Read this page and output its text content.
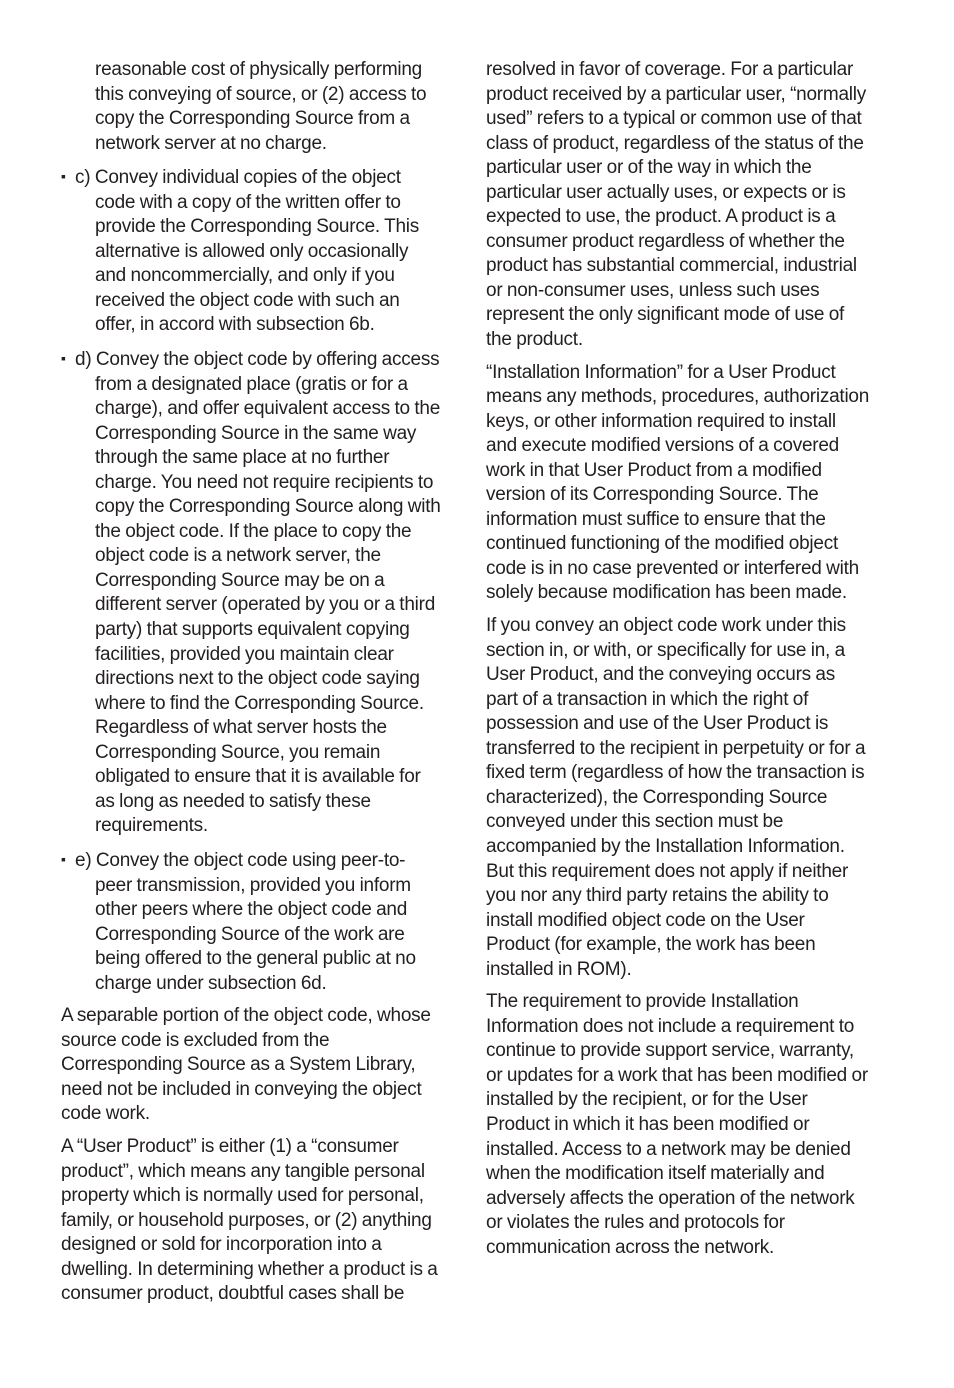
reasonable cost of physically performing this conveying of source, or (2) access to copy the Corresponding Source from a network server at no charge.

▪ c) Convey individual copies of the object code with a copy of the written offer to provide the Corresponding Source. This alternative is allowed only occasionally and noncommercially, and only if you received the object code with such an offer, in accord with subsection 6b.

▪ d) Convey the object code by offering access from a designated place (gratis or for a charge), and offer equivalent access to the Corresponding Source in the same way through the same place at no further charge. You need not require recipients to copy the Corresponding Source along with the object code. If the place to copy the object code is a network server, the Corresponding Source may be on a different server (operated by you or a third party) that supports equivalent copying facilities, provided you maintain clear directions next to the object code saying where to find the Corresponding Source. Regardless of what server hosts the Corresponding Source, you remain obligated to ensure that it is available for as long as needed to satisfy these requirements.

▪ e) Convey the object code using peer-to-peer transmission, provided you inform other peers where the object code and Corresponding Source of the work are being offered to the general public at no charge under subsection 6d.

A separable portion of the object code, whose source code is excluded from the Corresponding Source as a System Library, need not be included in conveying the object code work.

A “User Product” is either (1) a “consumer product”, which means any tangible personal property which is normally used for personal, family, or household purposes, or (2) anything designed or sold for incorporation into a dwelling. In determining whether a product is a consumer product, doubtful cases shall be

resolved in favor of coverage. For a particular product received by a particular user, “normally used” refers to a typical or common use of that class of product, regardless of the status of the particular user or of the way in which the particular user actually uses, or expects or is expected to use, the product. A product is a consumer product regardless of whether the product has substantial commercial, industrial or non-consumer uses, unless such uses represent the only significant mode of use of the product.

“Installation Information” for a User Product means any methods, procedures, authorization keys, or other information required to install and execute modified versions of a covered work in that User Product from a modified version of its Corresponding Source. The information must suffice to ensure that the continued functioning of the modified object code is in no case prevented or interfered with solely because modification has been made.

If you convey an object code work under this section in, or with, or specifically for use in, a User Product, and the conveying occurs as part of a transaction in which the right of possession and use of the User Product is transferred to the recipient in perpetuity or for a fixed term (regardless of how the transaction is characterized), the Corresponding Source conveyed under this section must be accompanied by the Installation Information. But this requirement does not apply if neither you nor any third party retains the ability to install modified object code on the User Product (for example, the work has been installed in ROM).

The requirement to provide Installation Information does not include a requirement to continue to provide support service, warranty, or updates for a work that has been modified or installed by the recipient, or for the User Product in which it has been modified or installed. Access to a network may be denied when the modification itself materially and adversely affects the operation of the network or violates the rules and protocols for communication across the network.
